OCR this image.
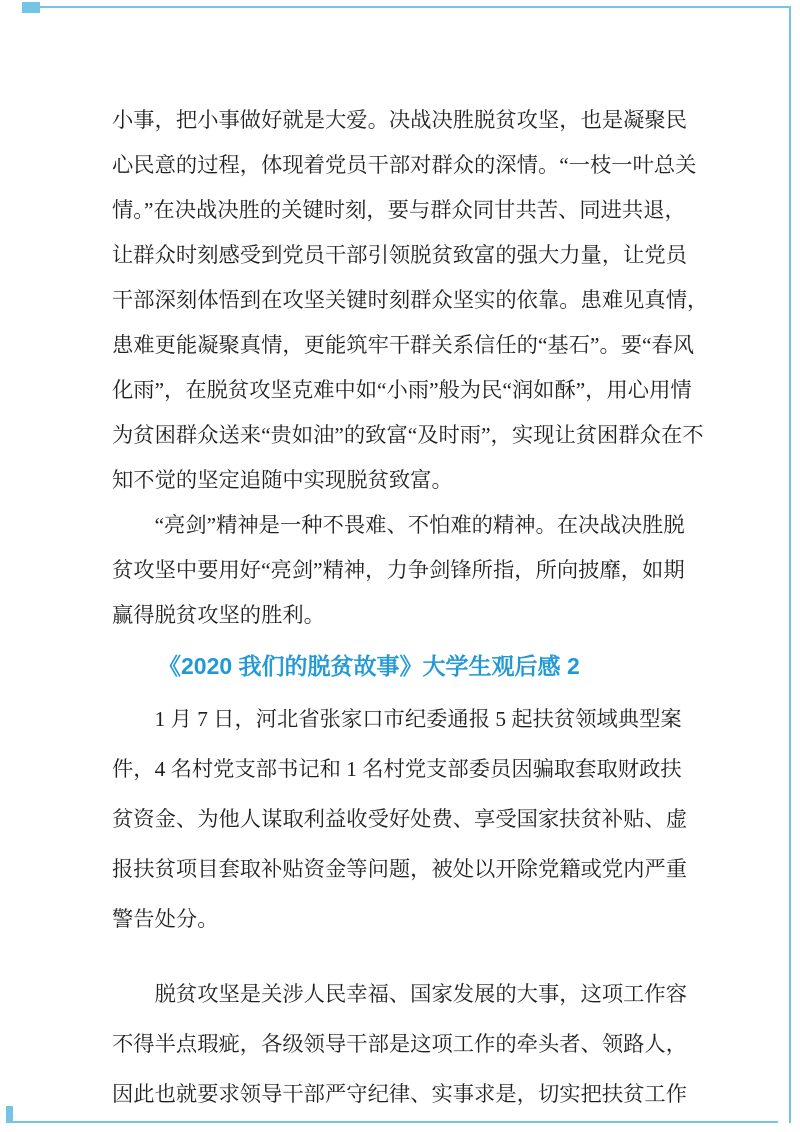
小事，把小事做好就是大爱。决战决胜脱贫攻坚，也是凝聚民
心民意的过程，体现着党员干部对群众的深情。“一枝一叶总关
情。”在决战决胜的关键时刻，要与群众同甘共苦、同进共退，
让群众时刻感受到党员干部引领脱贫致富的强大力量，让党员
干部深刻体悟到在攻坚关键时刻群众坚实的依靠。患难见真情，
患难更能凝聚真情，更能筑牢干群关系信任的“基石”。要“春风
化雨”，在脱贫攻坚克难中如“小雨”般为民“润如酥”，用心用情
为贫困群众送来“贵如油”的致富“及时雨”，实现让贫困群众在不
知不觉的坚定追随中实现脱贫致富。
“亮剑”精神是一种不畏难、不怕难的精神。在决战决胜脱
贫攻坚中要用好“亮剑”精神，力争剑锋所指，所向披靡，如期
赢得脱贫攻坚的胜利。
《2020 我们的脱贫故事》大学生观后感 2
1 月 7 日，河北省张家口市纪委通报 5 起扶贫领域典型案
件，4 名村党支部书记和 1 名村党支部委员因骗取套取财政扶
贫资金、为他人谋取利益收受好处费、享受国家扶贫补贴、虚
报扶贫项目套取补贴资金等问题，被处以开除党籍或党内严重
警告处分。
脱贫攻坚是关涉人民幸福、国家发展的大事，这项工作容
不得半点瑕疵，各级领导干部是这项工作的牵头者、领路人，
因此也就要求领导干部严守纪律、实事求是，切实把扶贫工作
